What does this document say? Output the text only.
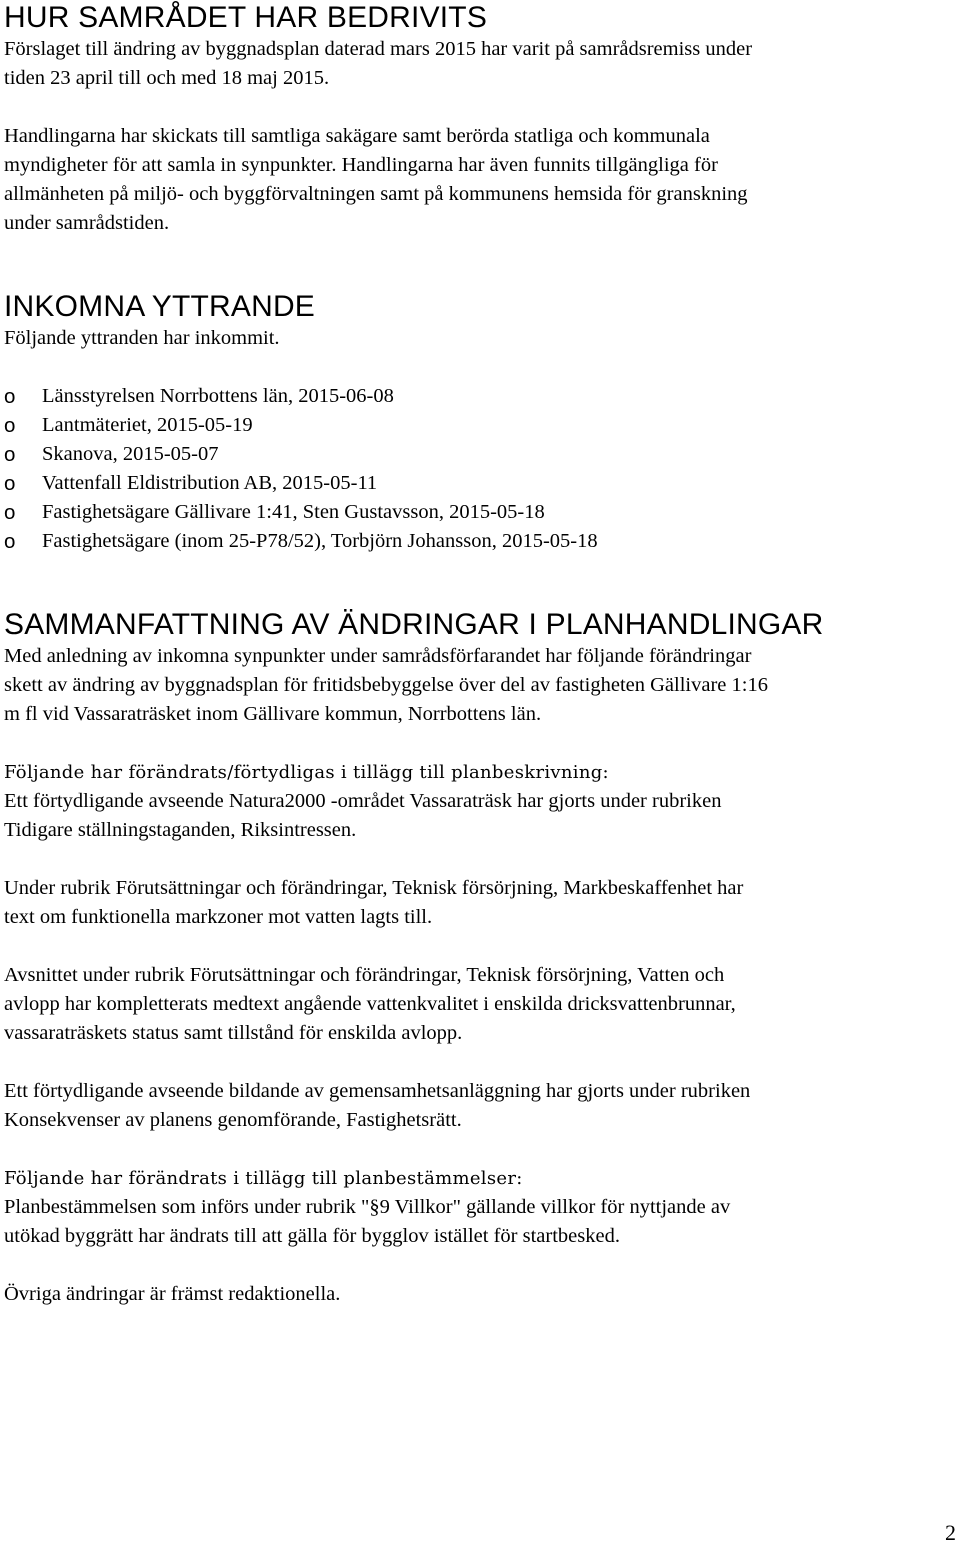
HUR SAMRÅDET HAR BEDRIVITS

Förslaget till ändring av byggnadsplan daterad mars 2015 har varit på samrådsremiss under

tiden 23 april till och med 18 maj 2015.

Handlingarna har skickats till samtliga sakägare samt berörda statliga och kommunala

myndigheter för att samla in synpunkter. Handlingarna har även funnits tillgängliga för

allmänheten på miljö- och byggförvaltningen samt på kommunens hemsida för granskning

under samrådstiden.

INKOMNA YTTRANDE

Följande yttranden har inkommit.

o	Länsstyrelsen Norrbottens län, 2015-06-08
o	Lantmäteriet, 2015-05-19
o	Skanova, 2015-05-07
o	Vattenfall Eldistribution AB, 2015-05-11
o	Fastighetsägare Gällivare 1:41, Sten Gustavsson, 2015-05-18
o	Fastighetsägare (inom 25-P78/52), Torbjörn Johansson, 2015-05-18
SAMMANFATTNING AV ÄNDRINGAR I PLANHANDLINGAR

Med anledning av inkomna synpunkter under samrådsförfarandet har följande förändringar

skett av ändring av byggnadsplan för fritidsbebyggelse över del av fastigheten Gällivare 1:16

m fl vid Vassaraträsket inom Gällivare kommun, Norrbottens län.

Följande har förändrats/förtydligas i tillägg till planbeskrivning:

Ett förtydligande avseende Natura2000 -området Vassaraträsk har gjorts under rubriken

Tidigare ställningstaganden, Riksintressen.

Under rubrik Förutsättningar och förändringar, Teknisk försörjning, Markbeskaffenhet har

text om funktionella markzoner mot vatten lagts till.

Avsnittet under rubrik Förutsättningar och förändringar, Teknisk försörjning, Vatten och

avlopp har kompletterats medtext angående vattenkvalitet i enskilda dricksvattenbrunnar,

vassaraträskets status samt tillstånd för enskilda avlopp.

Ett förtydligande avseende bildande av gemensamhetsanläggning har gjorts under rubriken

Konsekvenser av planens genomförande, Fastighetsrätt.

Följande har förändrats i tillägg till planbestämmelser:

Planbestämmelsen som införs under rubrik "§9 Villkor" gällande villkor för nyttjande av

utökad byggrätt har ändrats till att gälla för bygglov istället för startbesked.

Övriga ändringar är främst redaktionella.

2
